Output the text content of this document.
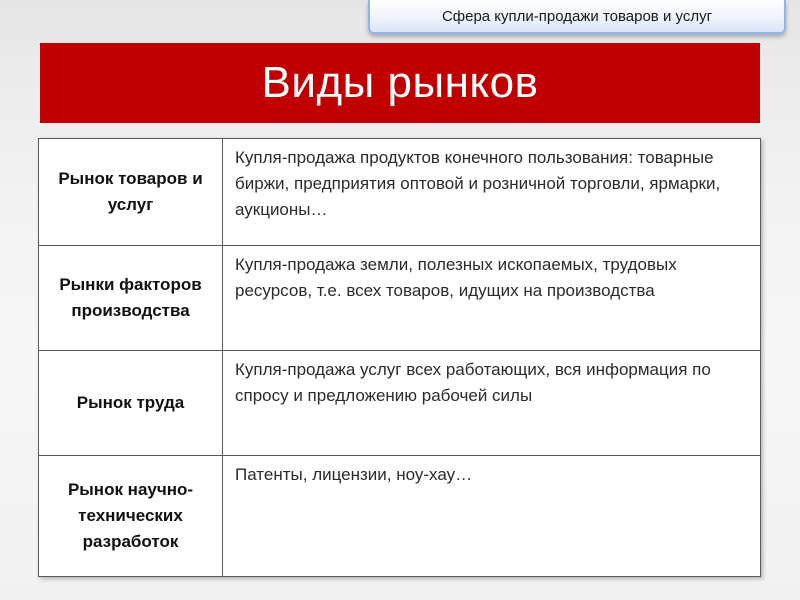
Сфера купли-продажи товаров и услуг
Виды рынков
Рынок товаров и услуг	Купля-продажа продуктов конечного пользования: товарные биржи, предприятия оптовой и розничной торговли, ярмарки, аукционы…
Рынки факторов производства	Купля-продажа земли, полезных ископаемых, трудовых ресурсов, т.е. всех товаров, идущих на производства
Рынок труда	Купля-продажа услуг всех работающих, вся информация по спросу и предложению рабочей силы
Рынок научно-технических разработок	Патенты, лицензии, ноу-хау…
